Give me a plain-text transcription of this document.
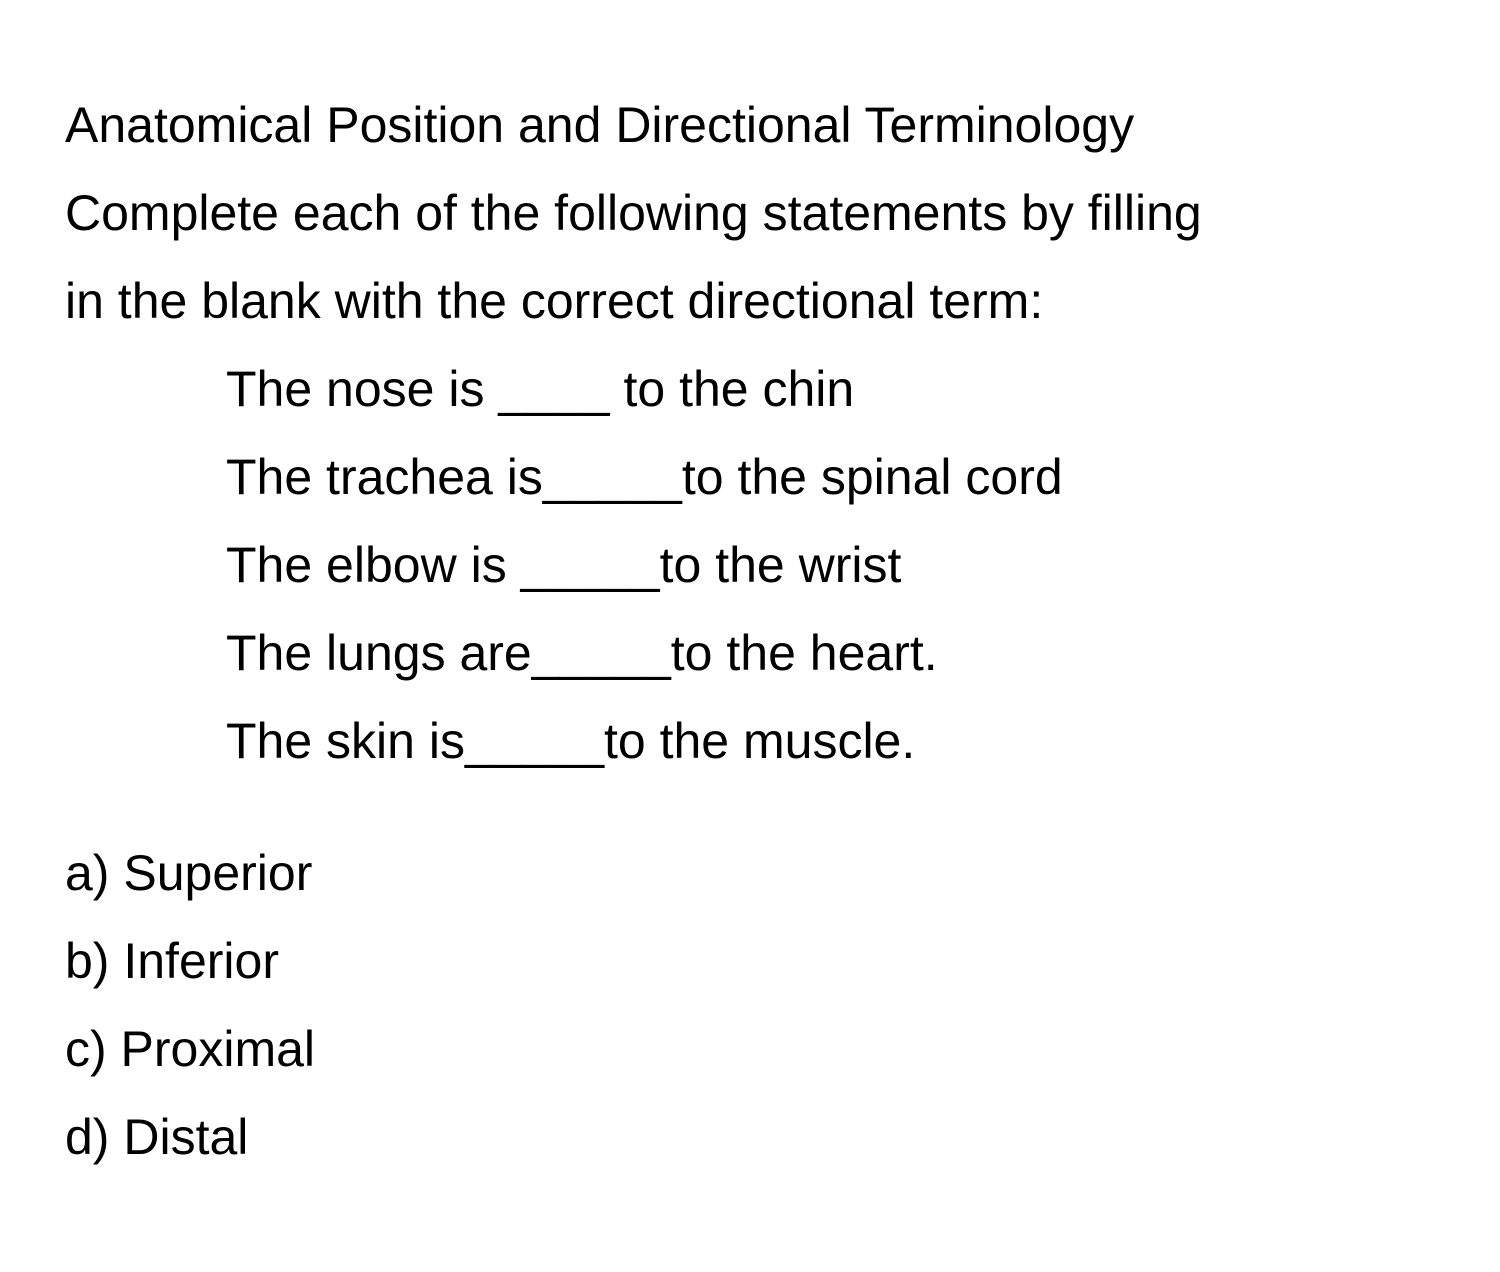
Anatomical Position and Directional Terminology
Complete each of the following statements by filling
in the blank with the correct directional term:
The nose is ____ to the chin
The trachea is_____to the spinal cord
The elbow is _____to the wrist
The lungs are_____to the heart.
The skin is_____to the muscle.
a) Superior
b) Inferior
c) Proximal
d) Distal
